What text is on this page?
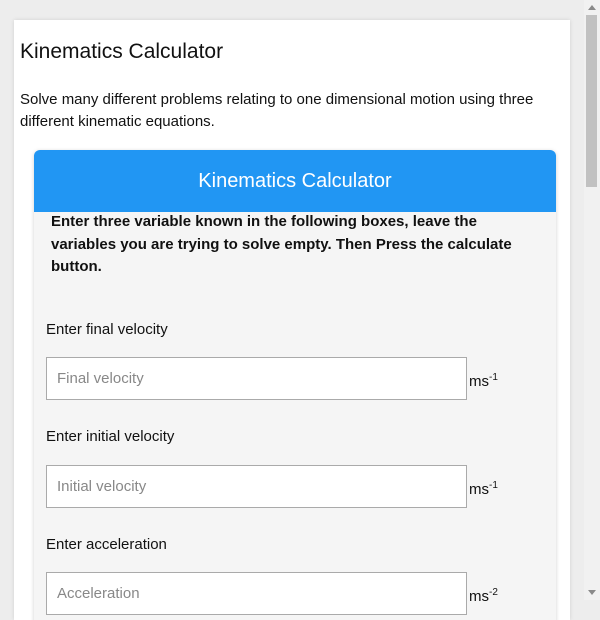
Kinematics Calculator

Solve many different problems relating to one dimensional motion using three different kinematic equations.

Kinematics Calculator

Enter three variable known in the following boxes, leave the variables you are trying to solve empty. Then Press the calculate button.

Enter final velocity
Final velocity
$ms^{-1}$
Enter initial velocity
Initial velocity
$ms^{-1}$
Enter acceleration
Acceleration
$ms^{-2}$
